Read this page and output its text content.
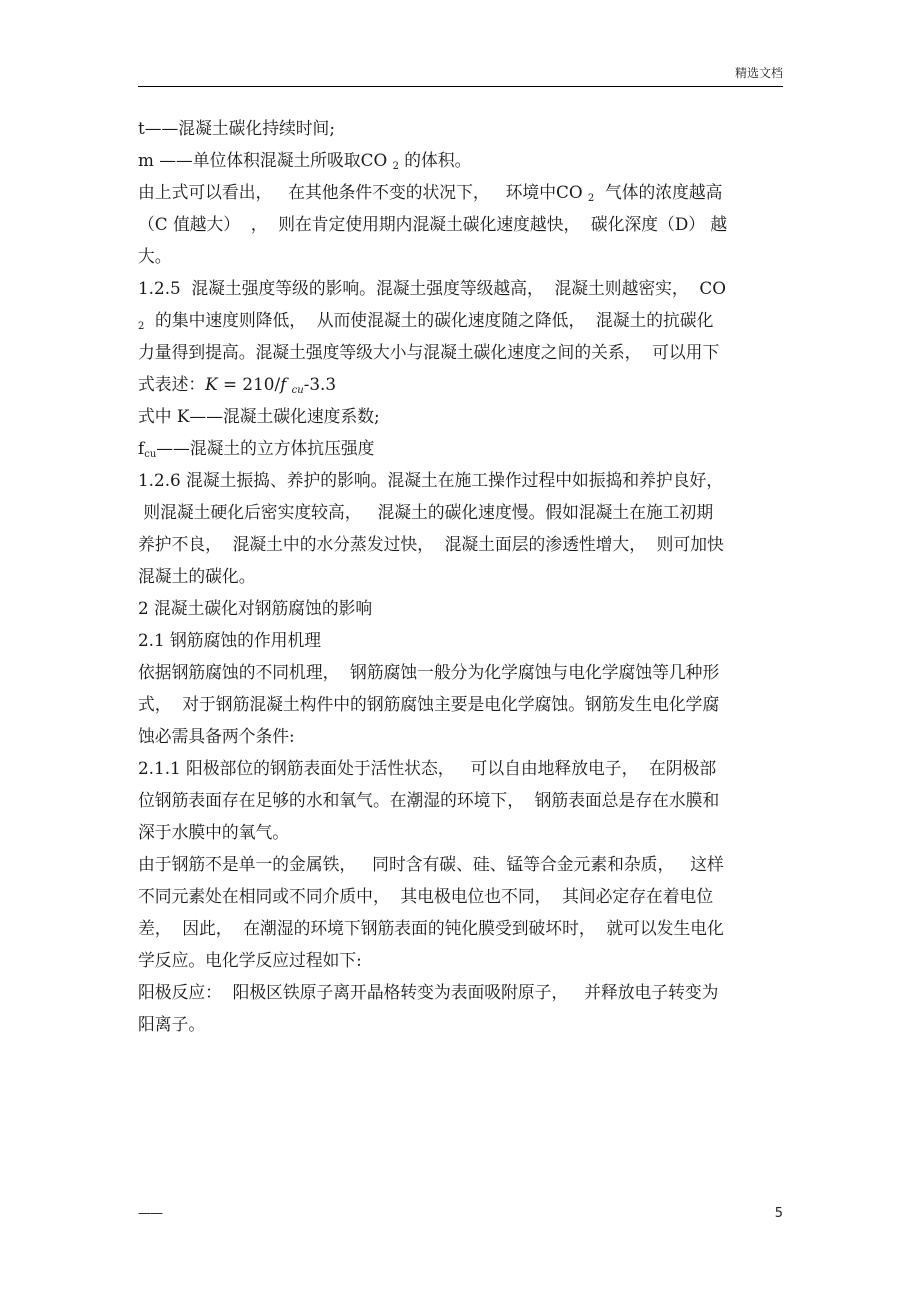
精选文档
t——混凝土碳化持续时间;
m ——单位体积混凝土所吸取CO $_2$ 的体积。
由上式可以看出，   在其他条件不变的状况下，   环境中CO $_2$  气体的浓度越高
（C 值越大）  ，  则在肯定使用期内混凝土碳化速度越快，  碳化深度（D） 越
大。
1.2.5  混凝土强度等级的影响。混凝土强度等级越高，  混凝土则越密实，  CO
$_2$  的集中速度则降低，  从而使混凝土的碳化速度随之降低，  混凝土的抗碳化
力量得到提高。混凝土强度等级大小与混凝土碳化速度之间的关系，  可以用下
式表述：K = 210/f $_{cu}$-3.3
式中 K——混凝土碳化速度系数;
$f_{cu}——$混凝土的立方体抗压强度
1.2.6 混凝土振捣、养护的影响。混凝土在施工操作过程中如振捣和养护良好，
则混凝土硬化后密实度较高，   混凝土的碳化速度慢。假如混凝土在施工初期
养护不良，  混凝土中的水分蒸发过快，  混凝土面层的渗透性增大，  则可加快
混凝土的碳化。
2 混凝土碳化对钢筋腐蚀的影响
2.1 钢筋腐蚀的作用机理
依据钢筋腐蚀的不同机理，  钢筋腐蚀一般分为化学腐蚀与电化学腐蚀等几种形
式，  对于钢筋混凝土构件中的钢筋腐蚀主要是电化学腐蚀。钢筋发生电化学腐
蚀必需具备两个条件:
2.1.1 阳极部位的钢筋表面处于活性状态，   可以自由地释放电子，  在阴极部
位钢筋表面存在足够的水和氧气。在潮湿的环境下，  钢筋表面总是存在水膜和
深于水膜中的氧气。
由于钢筋不是单一的金属铁，   同时含有碳、硅、锰等合金元素和杂质，   这样
不同元素处在相同或不同介质中，  其电极电位也不同，  其间必定存在着电位
差，  因此，  在潮湿的环境下钢筋表面的钝化膜受到破坏时，  就可以发生电化
学反应。电化学反应过程如下:
阳极反应：  阳极区铁原子离开晶格转变为表面吸附原子，   并释放电子转变为
阳离子。
——	5
